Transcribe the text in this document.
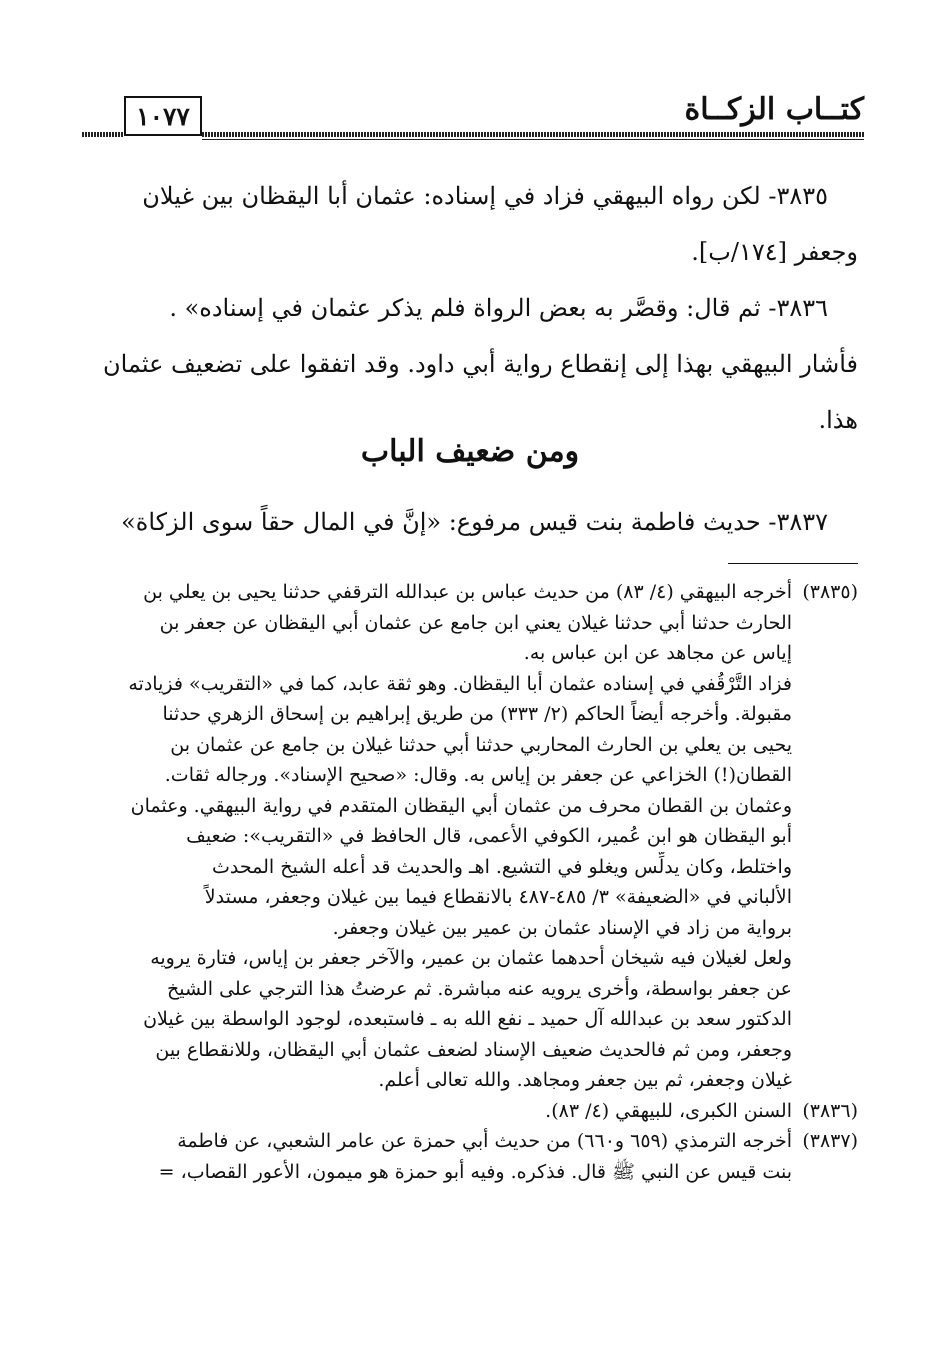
كتــاب الزكــاة
١٠٧٧

٣٨٣٥- لكن رواه البيهقي فزاد في إسناده: عثمان أبا اليقظان بين غيلان

وجعفر [١٧٤/ب].

٣٨٣٦- ثم قال: وقصَّر به بعض الرواة فلم يذكر عثمان في إسناده» .

فأشار البيهقي بهذا إلى إنقطاع رواية أبي داود. وقد اتفقوا على تضعيف عثمان

هذا.

ومن ضعيف الباب

٣٨٣٧- حديث فاطمة بنت قيس مرفوع: «إنَّ في المال حقاً سوى الزكاة»

(٣٨٣٥)أخرجه البيهقي (٤/ ٨٣) من حديث عباس بن عبدالله الترقفي حدثنا يحيى بن يعلي بن

الحارث حدثنا أبي حدثنا غيلان يعني ابن جامع عن عثمان أبي اليقظان عن جعفر بن

إياس عن مجاهد عن ابن عباس به.

فزاد التَّرْقُفي في إسناده عثمان أبا اليقظان. وهو ثقة عابد، كما في «التقريب» فزيادته

مقبولة. وأخرجه أيضاً الحاكم (٢/ ٣٣٣) من طريق إبراهيم بن إسحاق الزهري حدثنا

يحيى بن يعلي بن الحارث المحاربي حدثنا أبي حدثنا غيلان بن جامع عن عثمان بن

القطان(!) الخزاعي عن جعفر بن إياس به. وقال: «صحيح الإسناد». ورجاله ثقات.

وعثمان بن القطان محرف من عثمان أبي اليقظان المتقدم في رواية البيهقي. وعثمان

أبو اليقظان هو ابن عُمير، الكوفي الأعمى، قال الحافظ في «التقريب»: ضعيف

واختلط، وكان يدلِّس ويغلو في التشيع. اهـ والحديث قد أعله الشيخ المحدث

الألباني في «الضعيفة» ٣/ ٤٨٥-٤٨٧ بالانقطاع فيما بين غيلان وجعفر، مستدلاً

برواية من زاد في الإسناد عثمان بن عمير بين غيلان وجعفر.

ولعل لغيلان فيه شيخان أحدهما عثمان بن عمير، والآخر جعفر بن إياس، فتارة يرويه

عن جعفر بواسطة، وأخرى يرويه عنه مباشرة. ثم عرضتُ هذا الترجي على الشيخ

الدكتور سعد بن عبدالله آل حميد ـ نفع الله به ـ فاستبعده، لوجود الواسطة بين غيلان

وجعفر، ومن ثم فالحديث ضعيف الإسناد لضعف عثمان أبي اليقظان، وللانقطاع بين

غيلان وجعفر، ثم بين جعفر ومجاهد. والله تعالى أعلم.

(٣٨٣٦)السنن الكبرى، للبيهقي (٤/ ٨٣).

(٣٨٣٧)أخرجه الترمذي (٦٥٩ و٦٦٠) من حديث أبي حمزة عن عامر الشعبي، عن فاطمة

بنت قيس عن النبي ﷺ قال. فذكره. وفيه أبو حمزة هو ميمون، الأعور القصاب، =
